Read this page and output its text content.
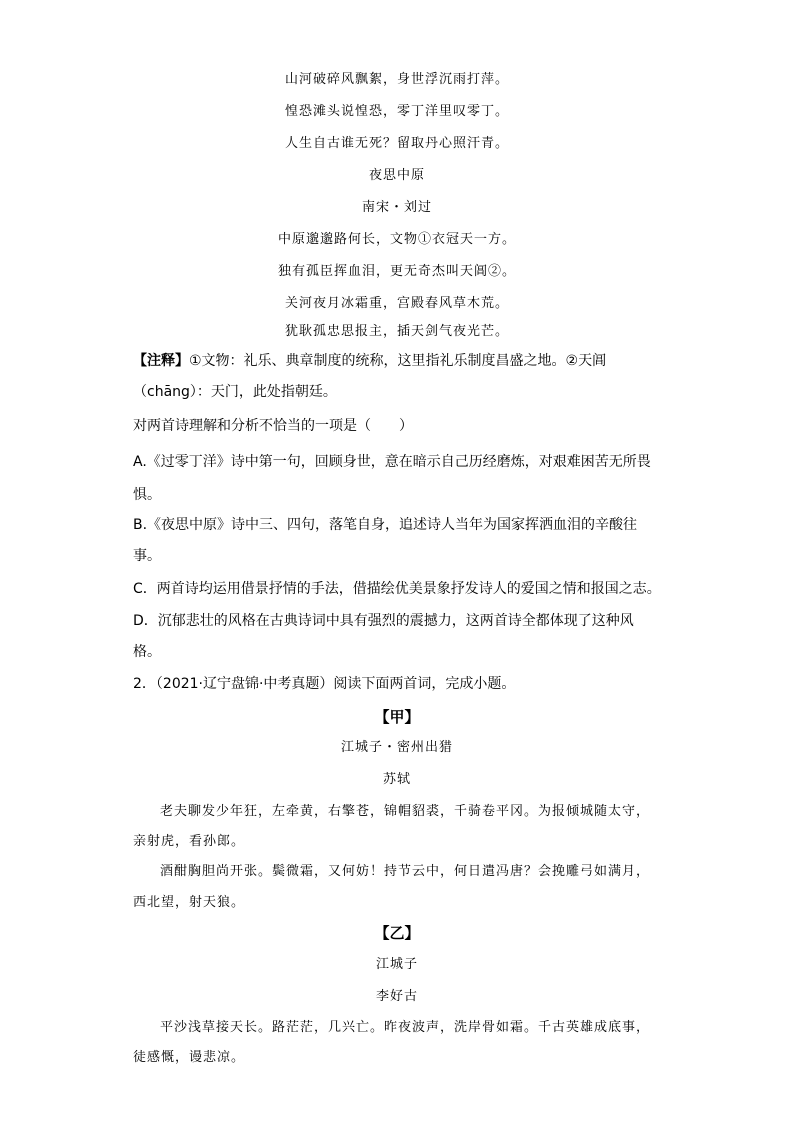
山河破碎风飘絮，身世浮沉雨打萍。
惶恐滩头说惶恐，零丁洋里叹零丁。
人生自古谁无死？留取丹心照汗青。
夜思中原
南宋・刘过
中原邈邈路何长，文物①衣冠天一方。
独有孤臣挥血泪，更无奇杰叫天阊②。
关河夜月冰霜重，宫殿春风草木荒。
犹耿孤忠思报主，插天剑气夜光芒。
【注释】①文物：礼乐、典章制度的统称，这里指礼乐制度昌盛之地。②天阊
（chāng）：天门，此处指朝廷。
对两首诗理解和分析不恰当的一项是（　　）
A.《过零丁洋》诗中第一句，回顾身世，意在暗示自己历经磨炼，对艰难困苦无所畏
惧。
B.《夜思中原》诗中三、四句，落笔自身，追述诗人当年为国家挥洒血泪的辛酸往
事。
C．两首诗均运用借景抒情的手法，借描绘优美景象抒发诗人的爱国之情和报国之志。
D．沉郁悲壮的风格在古典诗词中具有强烈的震撼力，这两首诗全都体现了这种风
格。
2．（2021·辽宁盘锦·中考真题）阅读下面两首词，完成小题。
【甲】
江城子・密州出猎
苏轼
老夫聊发少年狂，左牵黄，右擎苍，锦帽貂裘，千骑卷平冈。为报倾城随太守，
亲射虎，看孙郎。
酒酣胸胆尚开张。鬓微霜，又何妨！持节云中，何日遣冯唐？会挽雕弓如满月，
西北望，射天狼。
【乙】
江城子
李好古
平沙浅草接天长。路茫茫，几兴亡。昨夜波声，洗岸骨如霜。千古英雄成底事，
徒感慨，谩悲凉。
